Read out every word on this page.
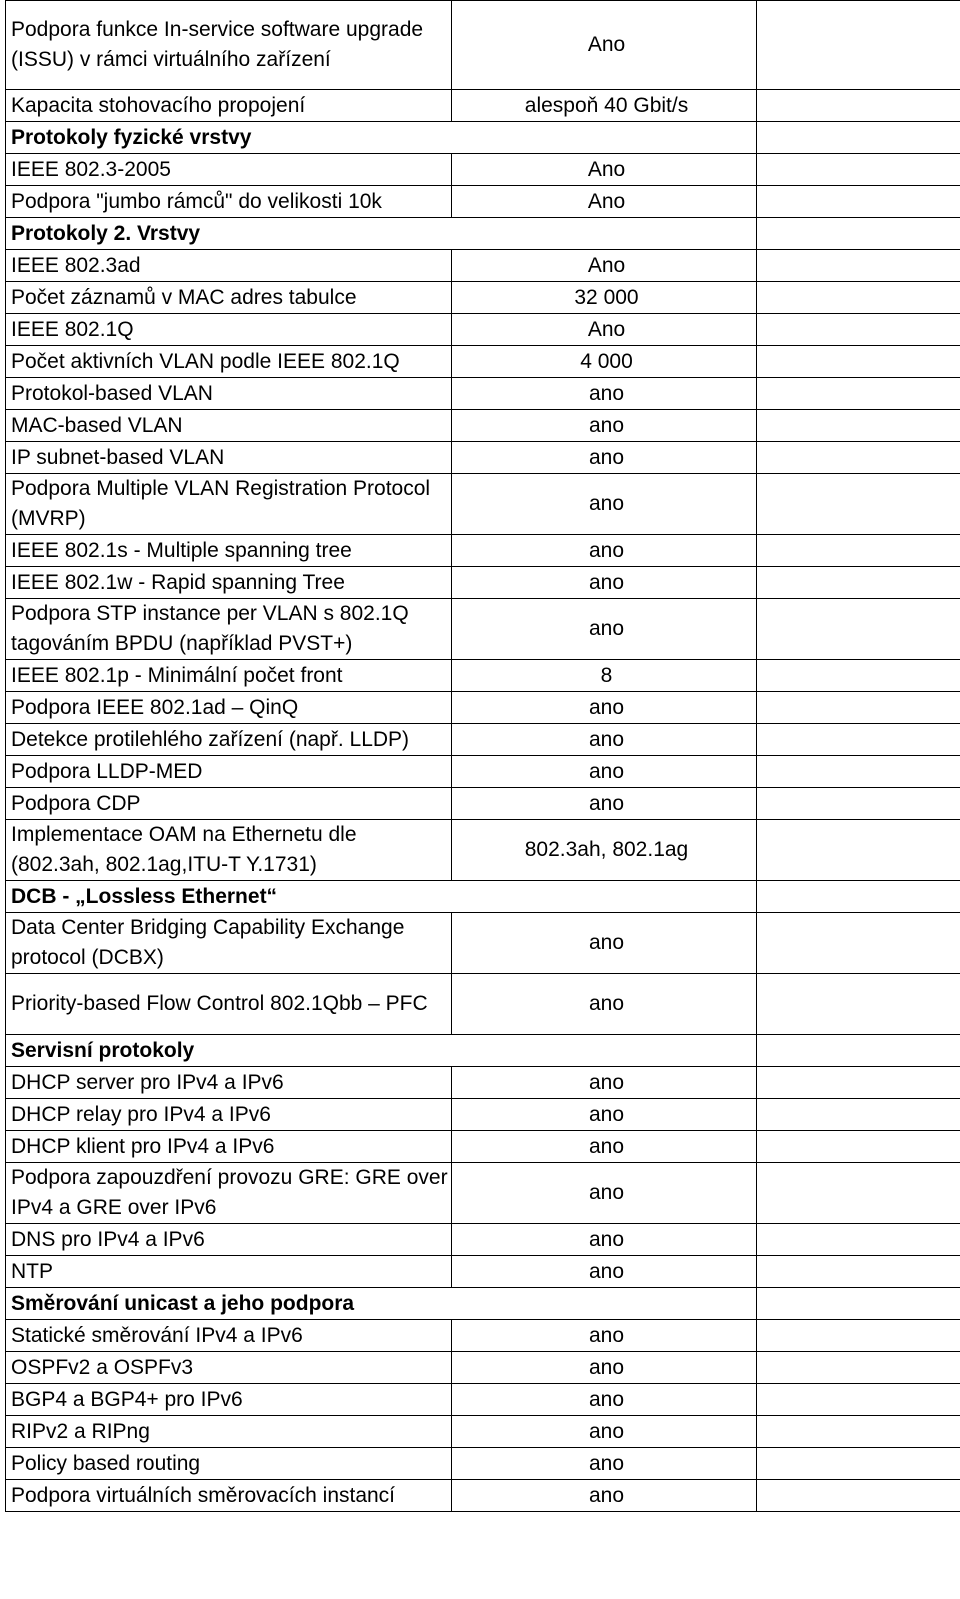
Podpora funkce In-service software upgrade (ISSU) v rámci virtuálního zařízení	Ano	
Kapacita stohovacího propojení	alespoň 40 Gbit/s	
Protokoly fyzické vrstvy		
IEEE 802.3-2005	Ano	
Podpora "jumbo rámců" do velikosti 10k	Ano	
Protokoly 2. Vrstvy		
IEEE 802.3ad	Ano	
Počet záznamů v MAC adres tabulce	32 000	
IEEE 802.1Q	Ano	
Počet aktivních VLAN podle IEEE 802.1Q	4 000	
Protokol-based VLAN	ano	
MAC-based VLAN	ano	
IP subnet-based VLAN	ano	
Podpora Multiple VLAN Registration Protocol (MVRP)	ano	
IEEE 802.1s - Multiple spanning tree	ano	
IEEE 802.1w - Rapid spanning Tree	ano	
Podpora STP instance per VLAN s 802.1Q tagováním BPDU (například PVST+)	ano	
IEEE 802.1p - Minimální počet front	8	
Podpora IEEE 802.1ad – QinQ	ano	
Detekce protilehlého zařízení (např. LLDP)	ano	
Podpora LLDP-MED	ano	
Podpora CDP	ano	
Implementace OAM na Ethernetu dle (802.3ah, 802.1ag,ITU-T Y.1731)	802.3ah, 802.1ag	
DCB - „Lossless Ethernet“		
Data Center Bridging Capability Exchange protocol (DCBX)	ano	
Priority-based Flow Control 802.1Qbb – PFC	ano	
Servisní protokoly		
DHCP server pro IPv4 a IPv6	ano	
DHCP relay pro IPv4 a IPv6	ano	
DHCP klient pro IPv4 a IPv6	ano	
Podpora zapouzdření provozu GRE: GRE over IPv4 a GRE over IPv6	ano	
DNS pro IPv4 a IPv6	ano	
NTP	ano	
Směrování unicast a jeho podpora		
Statické směrování IPv4 a IPv6	ano	
OSPFv2 a OSPFv3	ano	
BGP4 a BGP4+ pro IPv6	ano	
RIPv2 a RIPng	ano	
Policy based routing	ano	
Podpora virtuálních směrovacích instancí	ano	
